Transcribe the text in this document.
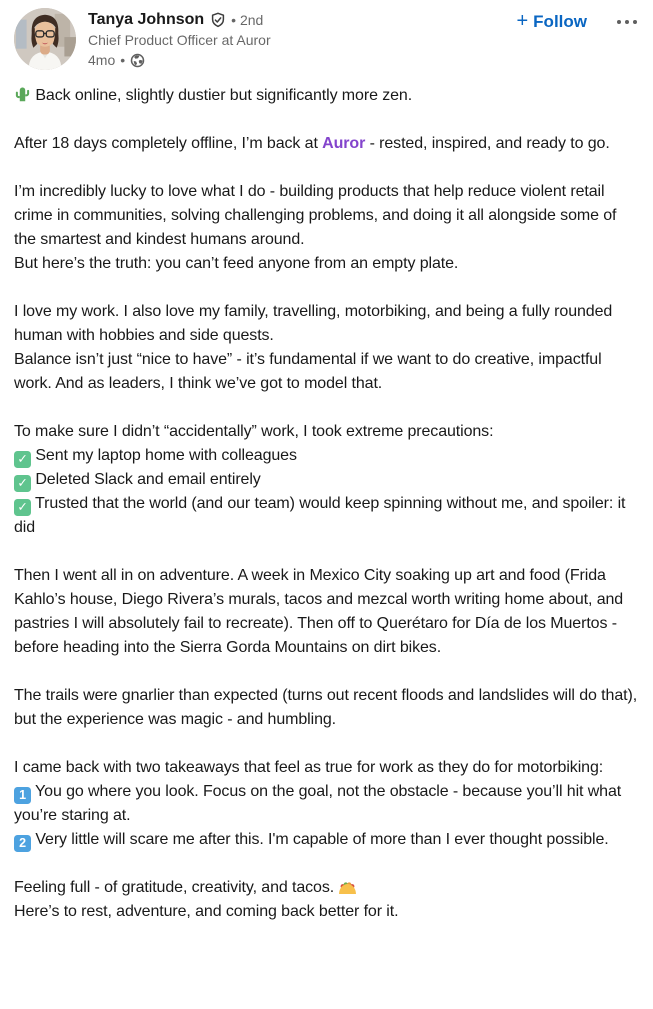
Tanya Johnson • 2nd
Chief Product Officer at Auror
4mo •
+ Follow

Back online, slightly dustier but significantly more zen.

After 18 days completely offline, I’m back at Auror - rested, inspired, and ready to go.

I’m incredibly lucky to love what I do - building products that help reduce violent retail crime in communities, solving challenging problems, and doing it all alongside some of the smartest and kindest humans around.
But here’s the truth: you can’t feed anyone from an empty plate.

I love my work. I also love my family, travelling, motorbiking, and being a fully rounded human with hobbies and side quests.
Balance isn’t just “nice to have” - it’s fundamental if we want to do creative, impactful work. And as leaders, I think we’ve got to model that.

To make sure I didn’t “accidentally” work, I took extreme precautions:
✓ Sent my laptop home with colleagues
✓ Deleted Slack and email entirely
✓ Trusted that the world (and our team) would keep spinning without me, and spoiler: it did

Then I went all in on adventure. A week in Mexico City soaking up art and food (Frida Kahlo’s house, Diego Rivera’s murals, tacos and mezcal worth writing home about, and pastries I will absolutely fail to recreate). Then off to Querétaro for Día de los Muertos - before heading into the Sierra Gorda Mountains on dirt bikes.

The trails were gnarlier than expected (turns out recent floods and landslides will do that), but the experience was magic - and humbling.

I came back with two takeaways that feel as true for work as they do for motorbiking:
1 You go where you look. Focus on the goal, not the obstacle - because you’ll hit what you’re staring at.
2 Very little will scare me after this. I'm capable of more than I ever thought possible.

Feeling full - of gratitude, creativity, and tacos.

Here’s to rest, adventure, and coming back better for it.
